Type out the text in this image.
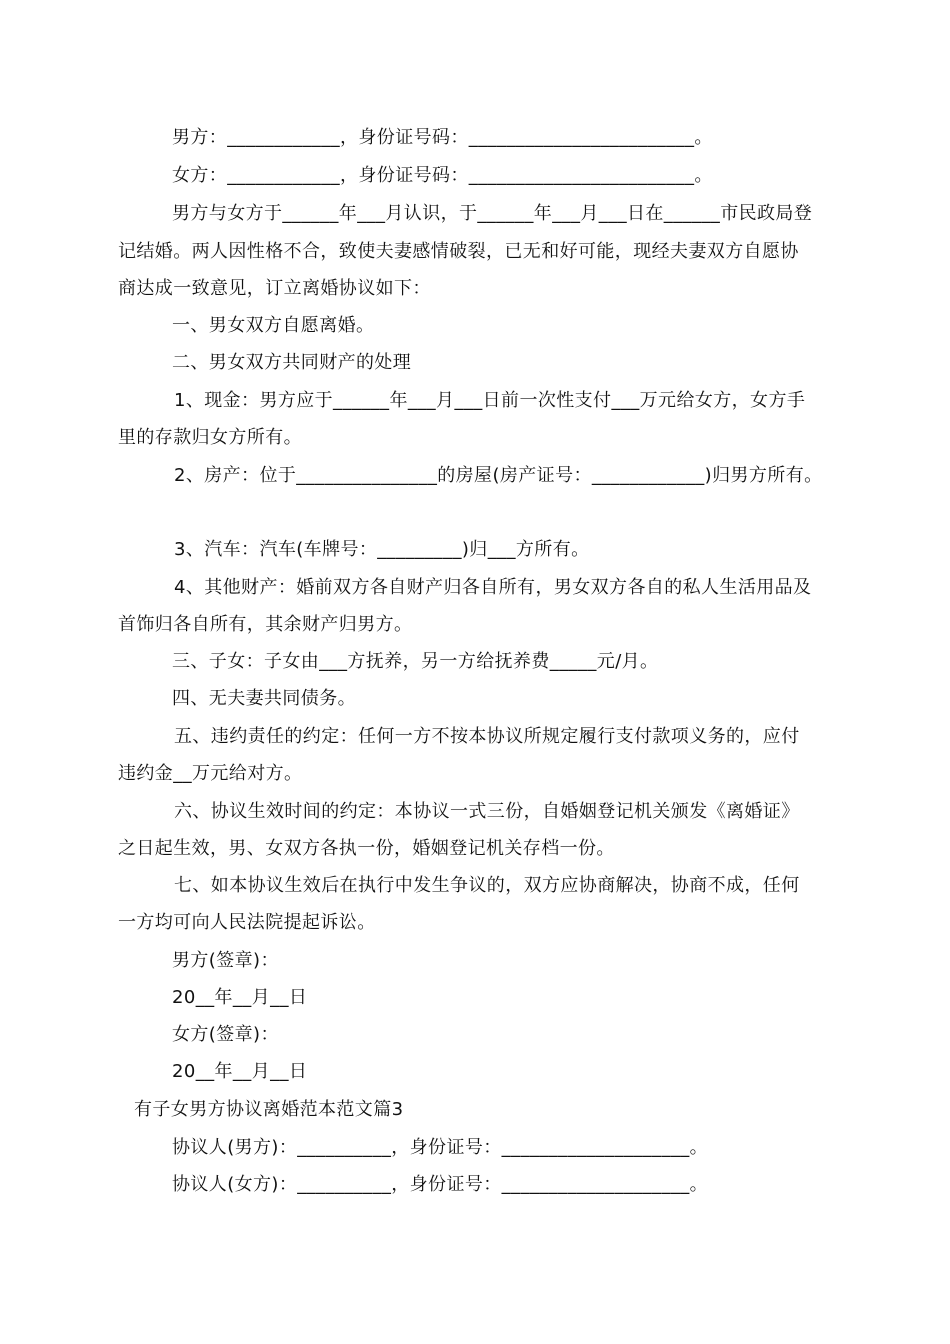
男方：____________，身份证号码：________________________。
女方：____________，身份证号码：________________________。
男方与女方于______年___月认识，于______年___月___日在______市民政局登
记结婚。两人因性格不合，致使夫妻感情破裂，已无和好可能，现经夫妻双方自愿协
商达成一致意见，订立离婚协议如下：
一、男女双方自愿离婚。
二、男女双方共同财产的处理
1、现金：男方应于______年___月___日前一次性支付___万元给女方，女方手
里的存款归女方所有。
2、房产：位于_______________的房屋(房产证号：____________)归男方所有。
3、汽车：汽车(车牌号：_________)归___方所有。
4、其他财产：婚前双方各自财产归各自所有，男女双方各自的私人生活用品及
首饰归各自所有，其余财产归男方。
三、子女：子女由___方抚养，另一方给抚养费_____元/月。
四、无夫妻共同债务。
五、违约责任的约定：任何一方不按本协议所规定履行支付款项义务的，应付
违约金__万元给对方。
六、协议生效时间的约定：本协议一式三份，自婚姻登记机关颁发《离婚证》
之日起生效，男、女双方各执一份，婚姻登记机关存档一份。
七、如本协议生效后在执行中发生争议的，双方应协商解决，协商不成，任何
一方均可向人民法院提起诉讼。
男方(签章)：
20__年__月__日
女方(签章)：
20__年__月__日
有子女男方协议离婚范本范文篇3
协议人(男方)：__________，身份证号：____________________。
协议人(女方)：__________，身份证号：____________________。
